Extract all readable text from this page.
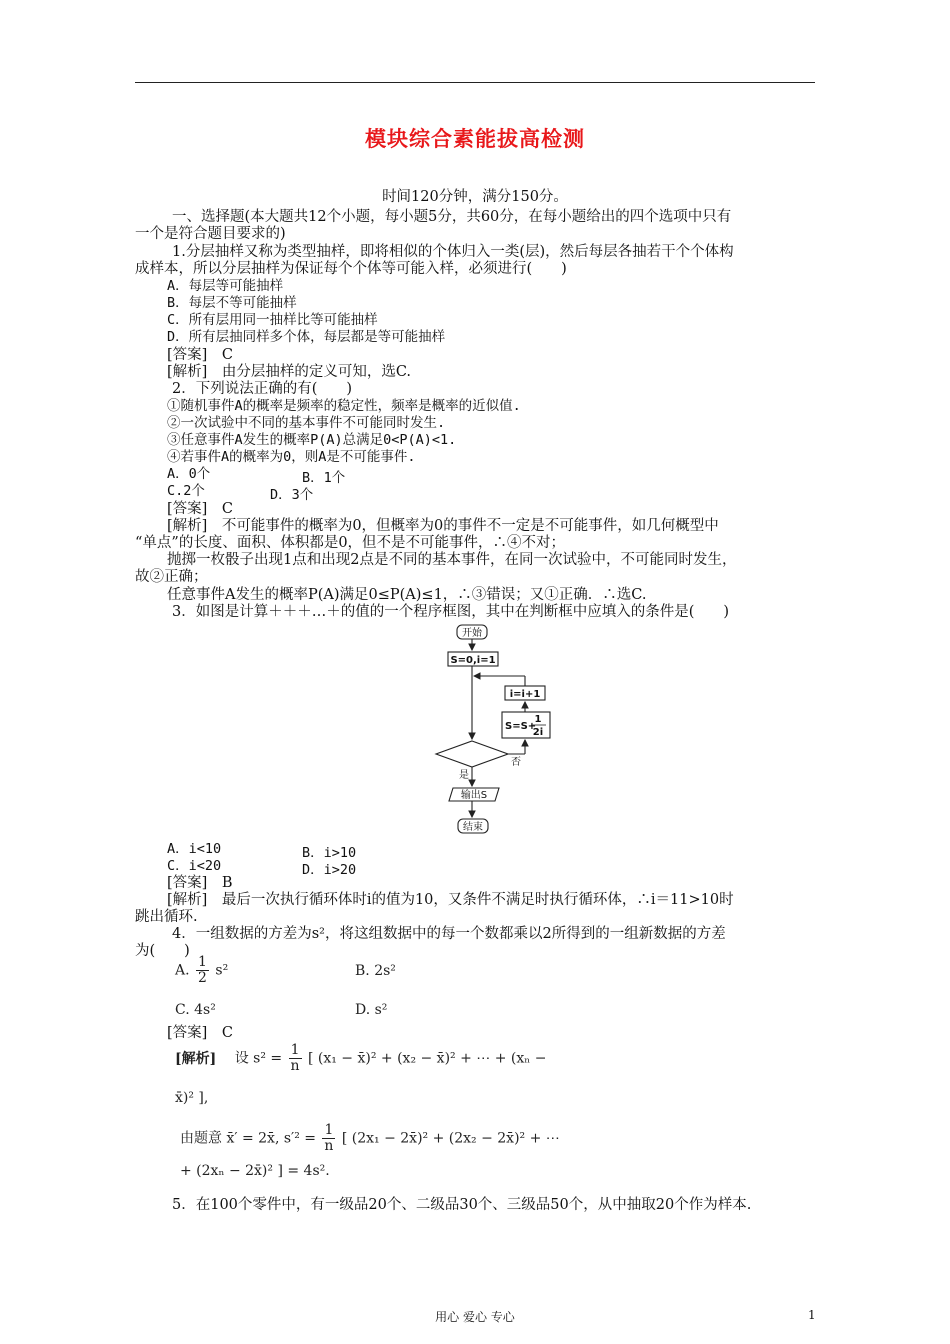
模块综合素能拔高检测
时间120分钟，满分150分。
一、选择题(本大题共12个小题，每小题5分，共60分，在每小题给出的四个选项中只有
一个是符合题目要求的)
1.分层抽样又称为类型抽样，即将相似的个体归入一类(层)，然后每层各抽若干个个体构
成样本，所以分层抽样为保证每个个体等可能入样，必须进行(　　)
A．每层等可能抽样
B．每层不等可能抽样
C．所有层用同一抽样比等可能抽样
D．所有层抽同样多个体，每层都是等可能抽样
[答案]　C
[解析]　由分层抽样的定义可知，选C.
2．下列说法正确的有(　　)
①随机事件A的概率是频率的稳定性，频率是概率的近似值.
②一次试验中不同的基本事件不可能同时发生.
③任意事件A发生的概率P(A)总满足0<P(A)<1.
④若事件A的概率为0，则A是不可能事件.
A．0个	B．1个
C.2个	D．3个
[答案]　C
[解析]　不可能事件的概率为0，但概率为0的事件不一定是不可能事件，如几何概型中
“单点”的长度、面积、体积都是0，但不是不可能事件，∴④不对；
抛掷一枚骰子出现1点和出现2点是不同的基本事件，在同一次试验中，不可能同时发生，
故②正确；
任意事件A发生的概率P(A)满足0≤P(A)≤1，∴③错误；又①正确．∴选C.
3．如图是计算＋＋＋…＋的值的一个程序框图，其中在判断框中应填入的条件是(　　)
开始
S=0,i=1
i=i+1
S=S+
1
2i
否
是
输出S
结束
A．i<10	B．i>10
C．i<20	D．i>20
[答案]　B
[解析]　最后一次执行循环体时i的值为10，又条件不满足时执行循环体，∴i＝11>10时
跳出循环.
4．一组数据的方差为s²，将这组数据中的每一个数都乘以2所得到的一组新数据的方差
为(　　)
A. $\frac{1}{2} s^2$	B. 2s²
C. 4s²	D. s²
[答案]　C
[解析] 设 $s^2 = \frac{1}{n}$ [ (x₁ − x̄)² + (x₂ − x̄)² + ⋯ + (xₙ −
x̄)² ],
由题意 x̄′ = 2x̄, $s'^2 = \frac{1}{n}$ [ (2x₁ − 2x̄)² + (2x₂ − 2x̄)² + ⋯
+ (2xₙ − 2x̄)² ] = 4s².
5．在100个零件中，有一级品20个、二级品30个、三级品50个，从中抽取20个作为样本.
用心 爱心 专心	1
